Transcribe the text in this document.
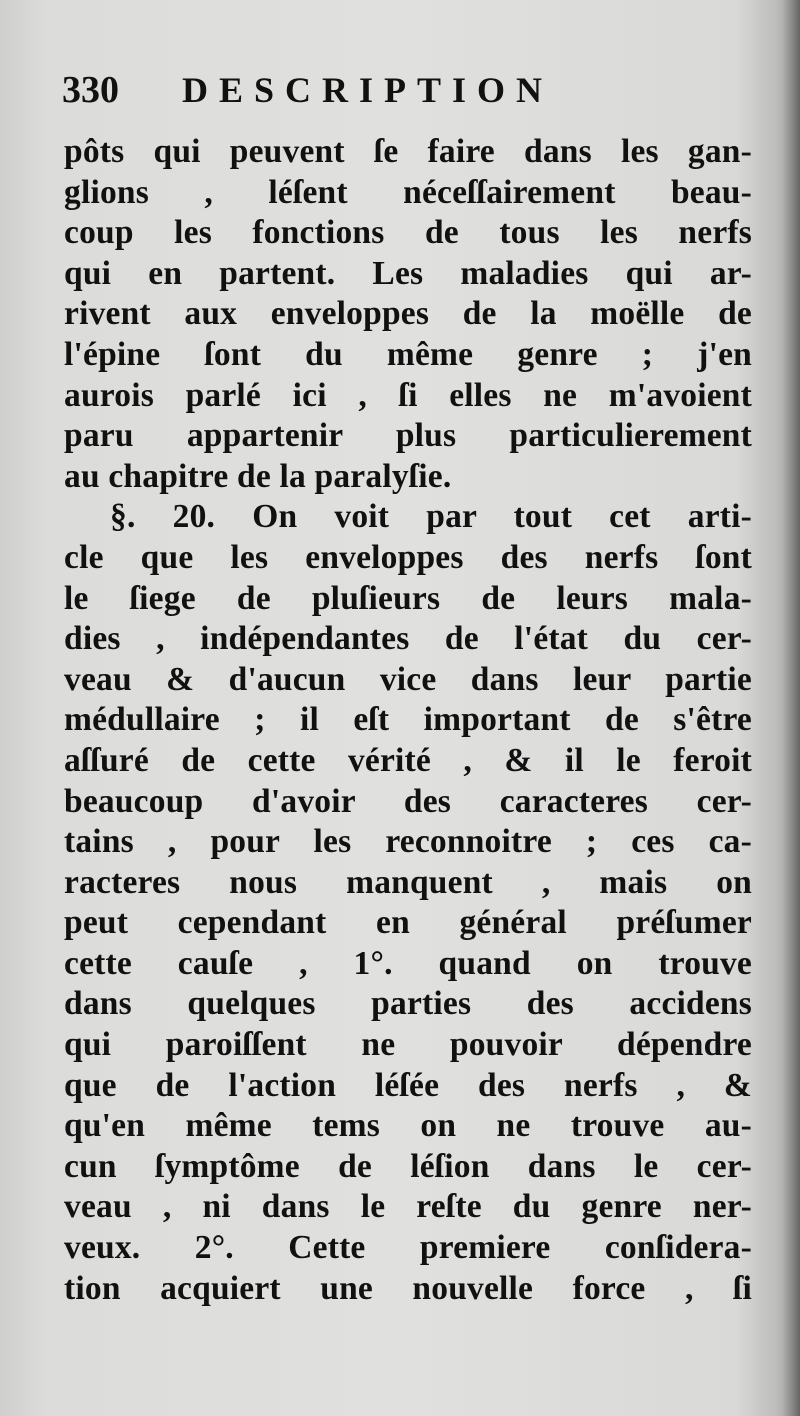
330 DESCRIPTION
pôts qui peuvent ſe faire dans les gan-
glions , léſent néceſſairement beau-
coup les fonctions de tous les nerfs
qui en partent. Les maladies qui ar-
rivent aux enveloppes de la moëlle de
l'épine ſont du même genre ; j'en
aurois parlé ici , ſi elles ne m'avoient
paru appartenir plus particulierement
au chapitre de la paralyſie.
§. 20. On voit par tout cet arti-
cle que les enveloppes des nerfs ſont
le ſiege de pluſieurs de leurs mala-
dies , indépendantes de l'état du cer-
veau & d'aucun vice dans leur partie
médullaire ; il eſt important de s'être
aſſuré de cette vérité , & il le feroit
beaucoup d'avoir des caracteres cer-
tains , pour les reconnoitre ; ces ca-
racteres nous manquent , mais on
peut cependant en général préſumer
cette cauſe , 1°. quand on trouve
dans quelques parties des accidens
qui paroiſſent ne pouvoir dépendre
que de l'action léſée des nerfs , &
qu'en même tems on ne trouve au-
cun ſymptôme de léſion dans le cer-
veau , ni dans le reſte du genre ner-
veux. 2°. Cette premiere conſidera-
tion acquiert une nouvelle force , ſi
